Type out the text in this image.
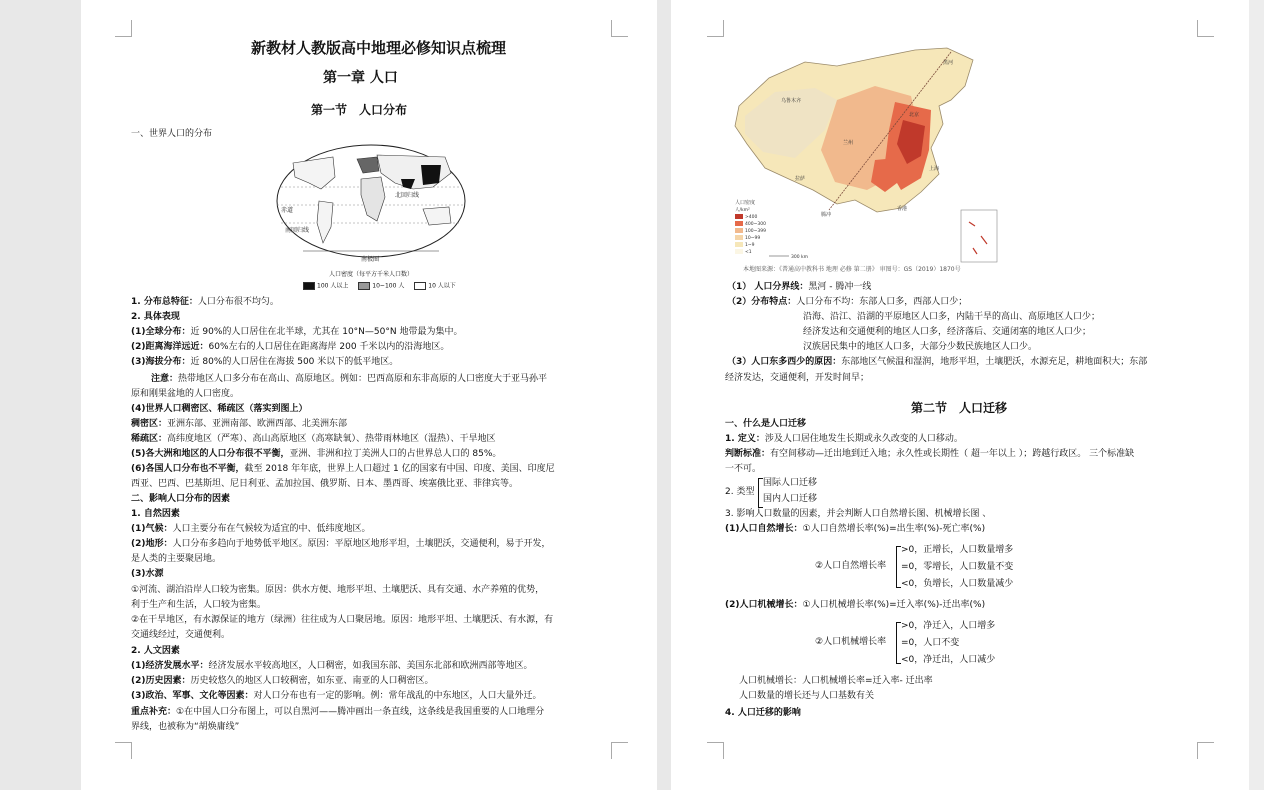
新教材人教版高中地理必修知识点梳理
第一章 人口
第一节　人口分布
一、世界人口的分布
北回归线
赤道
南回归线
南极圈
人口密度（每平方千米人口数）
100 人以上	10~100 人	10 人以下
1. 分布总特征：人口分布很不均匀。
2. 具体表现
(1)全球分布：近 90%的人口居住在北半球，尤其在 10°N—50°N 地带最为集中。
(2)距离海洋远近：60%左右的人口居住在距离海岸 200 千米以内的沿海地区。
(3)海拔分布：近 80%的人口居住在海拔 500 米以下的低平地区。
注意：热带地区人口多分布在高山、高原地区。例如：巴西高原和东非高原的人口密度大于亚马孙平
原和刚果盆地的人口密度。
(4)世界人口稠密区、稀疏区（落实到图上）
稠密区：亚洲东部、亚洲南部、欧洲西部、北美洲东部
稀疏区：高纬度地区（严寒）、高山高原地区（高寒缺氧）、热带雨林地区（湿热）、干旱地区
(5)各大洲和地区的人口分布很不平衡，亚洲、非洲和拉丁美洲人口的占世界总人口的 85%。
(6)各国人口分布也不平衡，截至 2018 年年底，世界上人口超过 1 亿的国家有中国、印度、美国、印度尼
西亚、巴西、巴基斯坦、尼日利亚、孟加拉国、俄罗斯、日本、墨西哥、埃塞俄比亚、菲律宾等。
二、影响人口分布的因素
1. 自然因素
(1)气候：人口主要分布在气候较为适宜的中、低纬度地区。
(2)地形：人口分布多趋向于地势低平地区。原因：平原地区地形平坦，土壤肥沃，交通便利，易于开发，
是人类的主要聚居地。
(3)水源
①河流、湖泊沿岸人口较为密集。原因：供水方便、地形平坦、土壤肥沃、具有交通、水产养殖的优势，
利于生产和生活，人口较为密集。
②在干旱地区，有水源保证的地方（绿洲）往往成为人口聚居地。原因：地形平坦、土壤肥沃、有水源，有
交通线经过，交通便利。
2. 人文因素
(1)经济发展水平：经济发展水平较高地区，人口稠密，如我国东部、美国东北部和欧洲西部等地区。
(2)历史因素：历史较悠久的地区人口较稠密，如东亚、南亚的人口稠密区。
(3)政治、军事、文化等因素：对人口分布也有一定的影响。例：常年战乱的中东地区，人口大量外迁。
重点补充：①在中国人口分布图上，可以自黑河——腾冲画出一条直线，这条线是我国重要的人口地理分
界线，也被称为“胡焕庸线”
黑河
乌鲁木齐
拉萨
兰州
北京
上海
腾冲
香港
人口密度
人/km²
>400
400~300
100~399
10~99
1~9
<1
300 km
本地图来源：《普通高中教科书 地理 必修 第二册》 审图号：GS（2019）1870号
（1） 人口分界线：黑河 - 腾冲一线
（2）分布特点：人口分布不均：东部人口多，西部人口少；
沿海、沿江、沿湖的平原地区人口多，内陆干旱的高山、高原地区人口少；
经济发达和交通便利的地区人口多，经济落后、交通闭塞的地区人口少；
汉族居民集中的地区人口多，大部分少数民族地区人口少。
（3）人口东多西少的原因：东部地区气候温和湿润，地形平坦，土壤肥沃，水源充足，耕地面积大；东部
经济发达，交通便利，开发时间早；
第二节　人口迁移
一、什么是人口迁移
1. 定义：涉及人口居住地发生长期或永久改变的人口移动。
判断标准：有空间移动—迁出地到迁入地；永久性或长期性（ 超一年以上 ）；跨越行政区。 三个标准缺
一不可。
2. 类型
国际人口迁移
国内人口迁移
3. 影响人口数量的因素，并会判断人口自然增长图、机械增长图 、
(1)人口自然增长：①人口自然增长率(%)=出生率(%)-死亡率(%)
②人口自然增长率
>0，正增长，人口数量增多
=0，零增长，人口数量不变
<0，负增长，人口数量减少
(2)人口机械增长：①人口机械增长率(%)=迁入率(%)-迁出率(%)
②人口机械增长率
>0，净迁入，人口增多
=0，人口不变
<0，净迁出，人口减少
人口机械增长：人口机械增长率=迁入率- 迁出率
人口数量的增长还与人口基数有关
4. 人口迁移的影响
